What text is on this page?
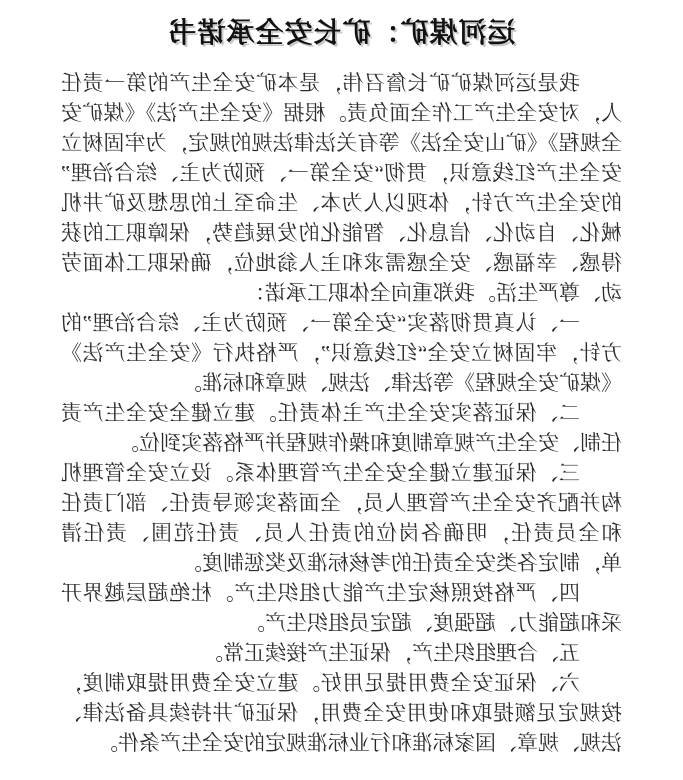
运河煤矿：矿长安全承诺书

我是运河煤矿矿长詹召伟，是本矿安全生产的第一责任人，对安全生产工作全面负责。根据《安全生产法》《煤矿安全规程》《矿山安全法》等有关法律法规的规定，为牢固树立安全生产红线意识，贯彻“安全第一、预防为主、综合治理”的安全生产方针，体现以人为本、生命至上的思想及矿井机械化、自动化、信息化、智能化的发展趋势，保障职工的获得感、幸福感、安全感需求和主人翁地位，确保职工体面劳动、尊严生活。我郑重向全体职工承诺：

一、认真贯彻落实“安全第一、预防为主、综合治理”的方针，牢固树立安全“红线意识”，严格执行《安全生产法》《煤矿安全规程》等法律、法规、规章和标准。

二、保证落实安全生产主体责任。建立健全安全生产责任制、安全生产规章制度和操作规程并严格落实到位。

三、保证建立健全安全生产管理体系。设立安全管理机构并配齐安全生产管理人员，全面落实领导责任、部门责任和全员责任，明确各岗位的责任人员、责任范围、责任清单，制定各类安全责任的考核标准及奖惩制度。

四、严格按照核定生产能力组织生产。杜绝超层越界开采和超能力、超强度、超定员组织生产。

五、合理组织生产，保证生产接续正常。

六、保证安全费用提足用好。建立安全费用提取制度，按规定足额提取和使用安全费用，保证矿井持续具备法律、法规、规章、国家标准和行业标准规定的安全生产条件。
